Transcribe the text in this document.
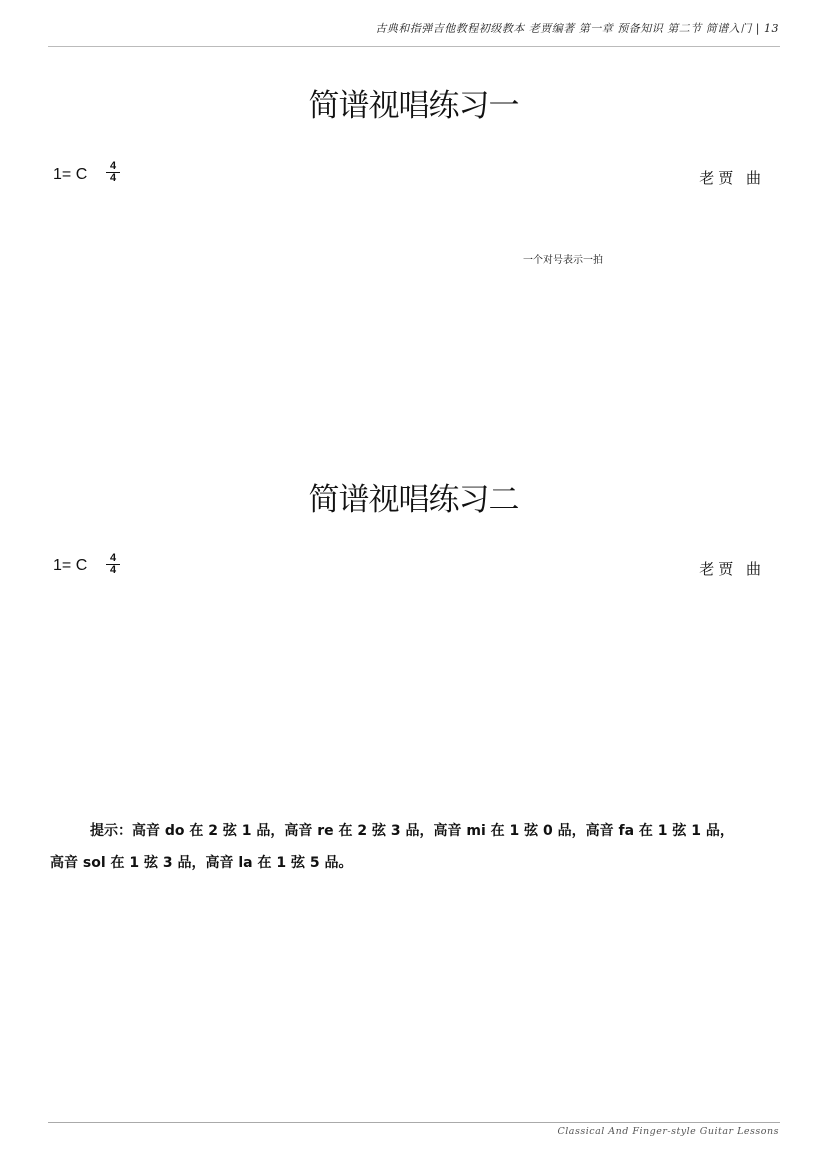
古典和指弹吉他教程初级教本 老贾编著 第一章 预备知识 第二节 简谱入门 | 13
简谱视唱练习一
1= C $\frac{4}{4}$	老贾 曲
一个对号表示一拍
简谱视唱练习二
1= C $\frac{4}{4}$	老贾 曲

提示：高音 do 在 2 弦 1 品，高音 re 在 2 弦 3 品，高音 mi 在 1 弦 0 品，高音 fa 在 1 弦 1 品，

高音 sol 在 1 弦 3 品，高音 la 在 1 弦 5 品。

Classical And Finger-style Guitar Lessons
